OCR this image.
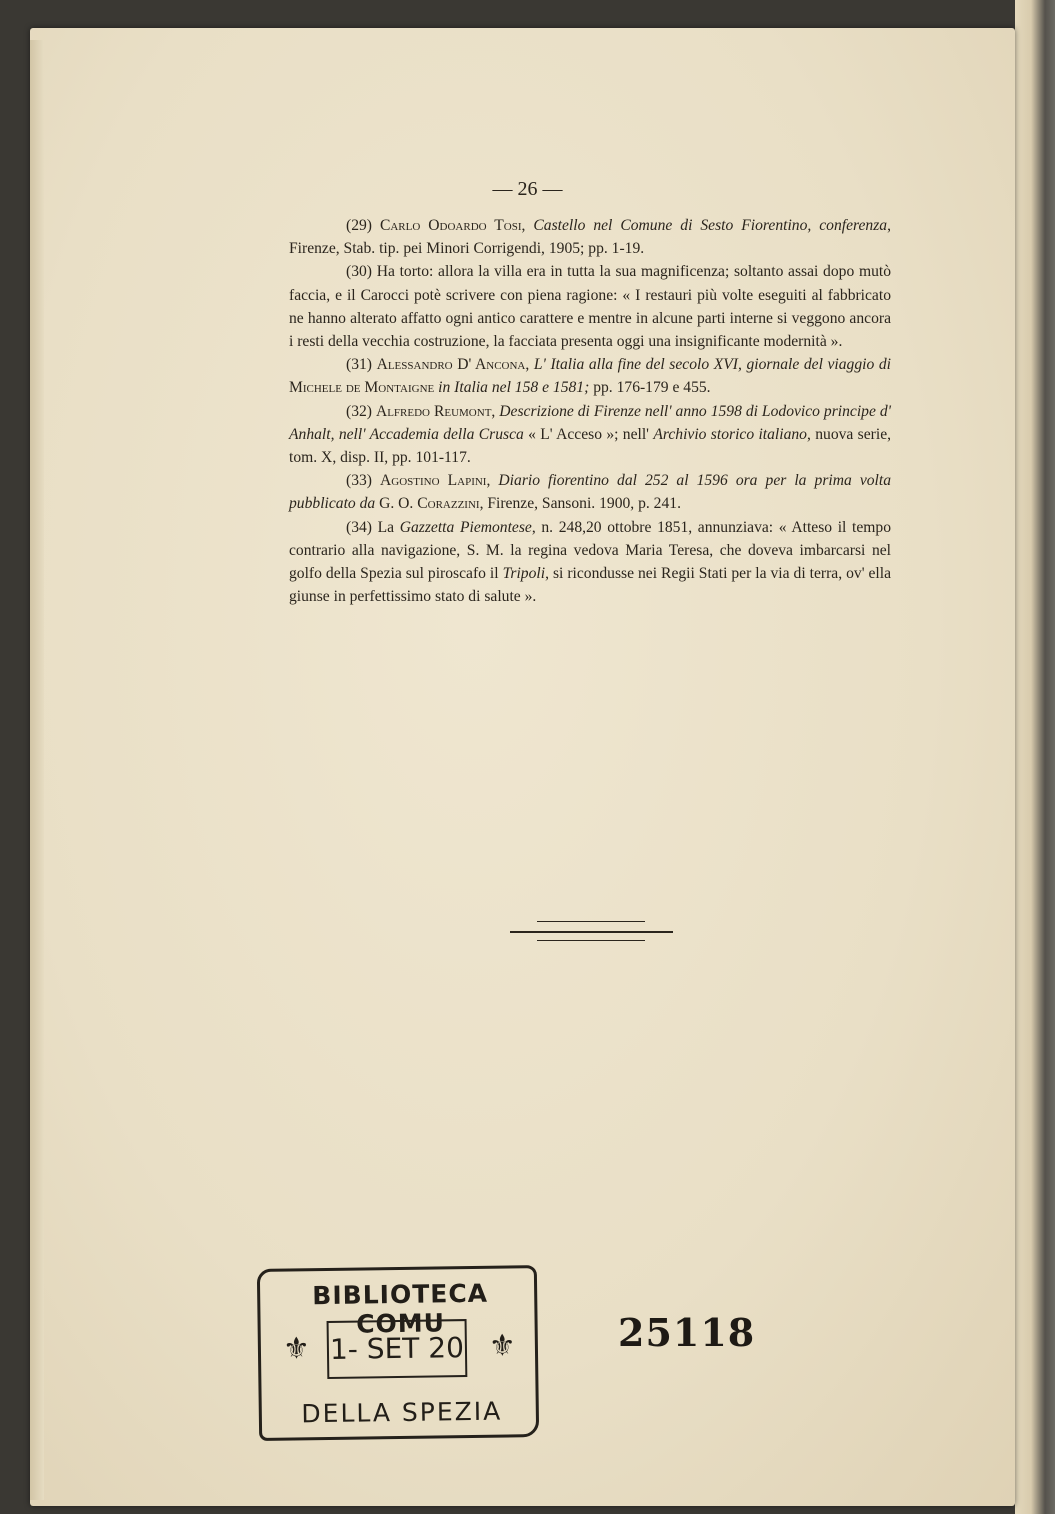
— 26 —

(29) Carlo Odoardo Tosi, Castello nel Comune di Sesto Fiorentino, conferenza, Firenze, Stab. tip. pei Minori Corrigendi, 1905; pp. 1-19.

(30) Ha torto: allora la villa era in tutta la sua magnificenza; soltanto assai dopo mutò faccia, e il Carocci potè scrivere con piena ragione: « I restauri più volte eseguiti al fabbricato ne hanno alterato affatto ogni antico carattere e mentre in alcune parti interne si veggono ancora i resti della vecchia costruzione, la facciata presenta oggi una insignificante modernità ».

(31) Alessandro D' Ancona, L' Italia alla fine del secolo XVI, giornale del viaggio di Michele de Montaigne in Italia nel 158 e 1581; pp. 176-179 e 455.

(32) Alfredo Reumont, Descrizione di Firenze nell' anno 1598 di Lodovico principe d' Anhalt, nell' Accademia della Crusca « L' Acceso »; nell' Archivio storico italiano, nuova serie, tom. X, disp. II, pp. 101-117.

(33) Agostino Lapini, Diario fiorentino dal 252 al 1596 ora per la prima volta pubblicato da G. O. Corazzini, Firenze, Sansoni. 1900, p. 241.

(34) La Gazzetta Piemontese, n. 248,20 ottobre 1851, annunziava: « Atteso il tempo contrario alla navigazione, S. M. la regina vedova Maria Teresa, che doveva imbarcarsi nel golfo della Spezia sul piroscafo il Tripoli, si ricondusse nei Regii Stati per la via di terra, ov' ella giunse in perfettissimo stato di salute ».

BIBLIOTECA COMU
⚜ 1- SET 20 ⚜
DELLA SPEZIA
25118
